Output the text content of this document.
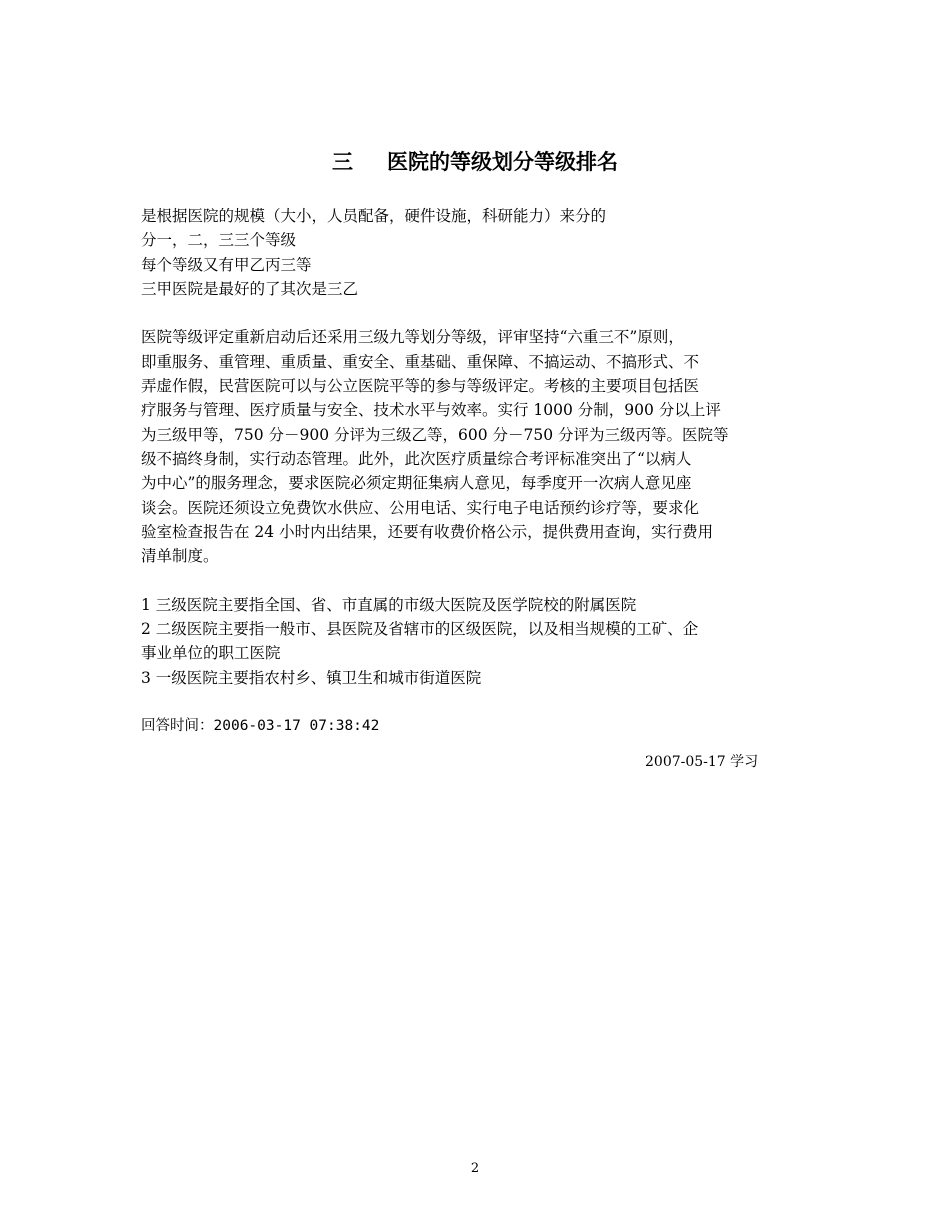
三 医院的等级划分等级排名
是根据医院的规模（大小，人员配备，硬件设施，科研能力）来分的
分一，二，三三个等级
每个等级又有甲乙丙三等
三甲医院是最好的了其次是三乙
医院等级评定重新启动后还采用三级九等划分等级，评审坚持“六重三不”原则，
即重服务、重管理、重质量、重安全、重基础、重保障、不搞运动、不搞形式、不
弄虚作假，民营医院可以与公立医院平等的参与等级评定。考核的主要项目包括医
疗服务与管理、医疗质量与安全、技术水平与效率。实行 1000 分制，900 分以上评
为三级甲等，750 分－900 分评为三级乙等，600 分－750 分评为三级丙等。医院等
级不搞终身制，实行动态管理。此外，此次医疗质量综合考评标准突出了“以病人
为中心”的服务理念，要求医院必须定期征集病人意见，每季度开一次病人意见座
谈会。医院还须设立免费饮水供应、公用电话、实行电子电话预约诊疗等，要求化
验室检查报告在 24 小时内出结果，还要有收费价格公示，提供费用查询，实行费用
清单制度。
1 三级医院主要指全国、省、市直属的市级大医院及医学院校的附属医院
2 二级医院主要指一般市、县医院及省辖市的区级医院，以及相当规模的工矿、企
事业单位的职工医院
3 一级医院主要指农村乡、镇卫生和城市街道医院
回答时间：2006-03-17 07:38:42
2007-05-17 学习
2
